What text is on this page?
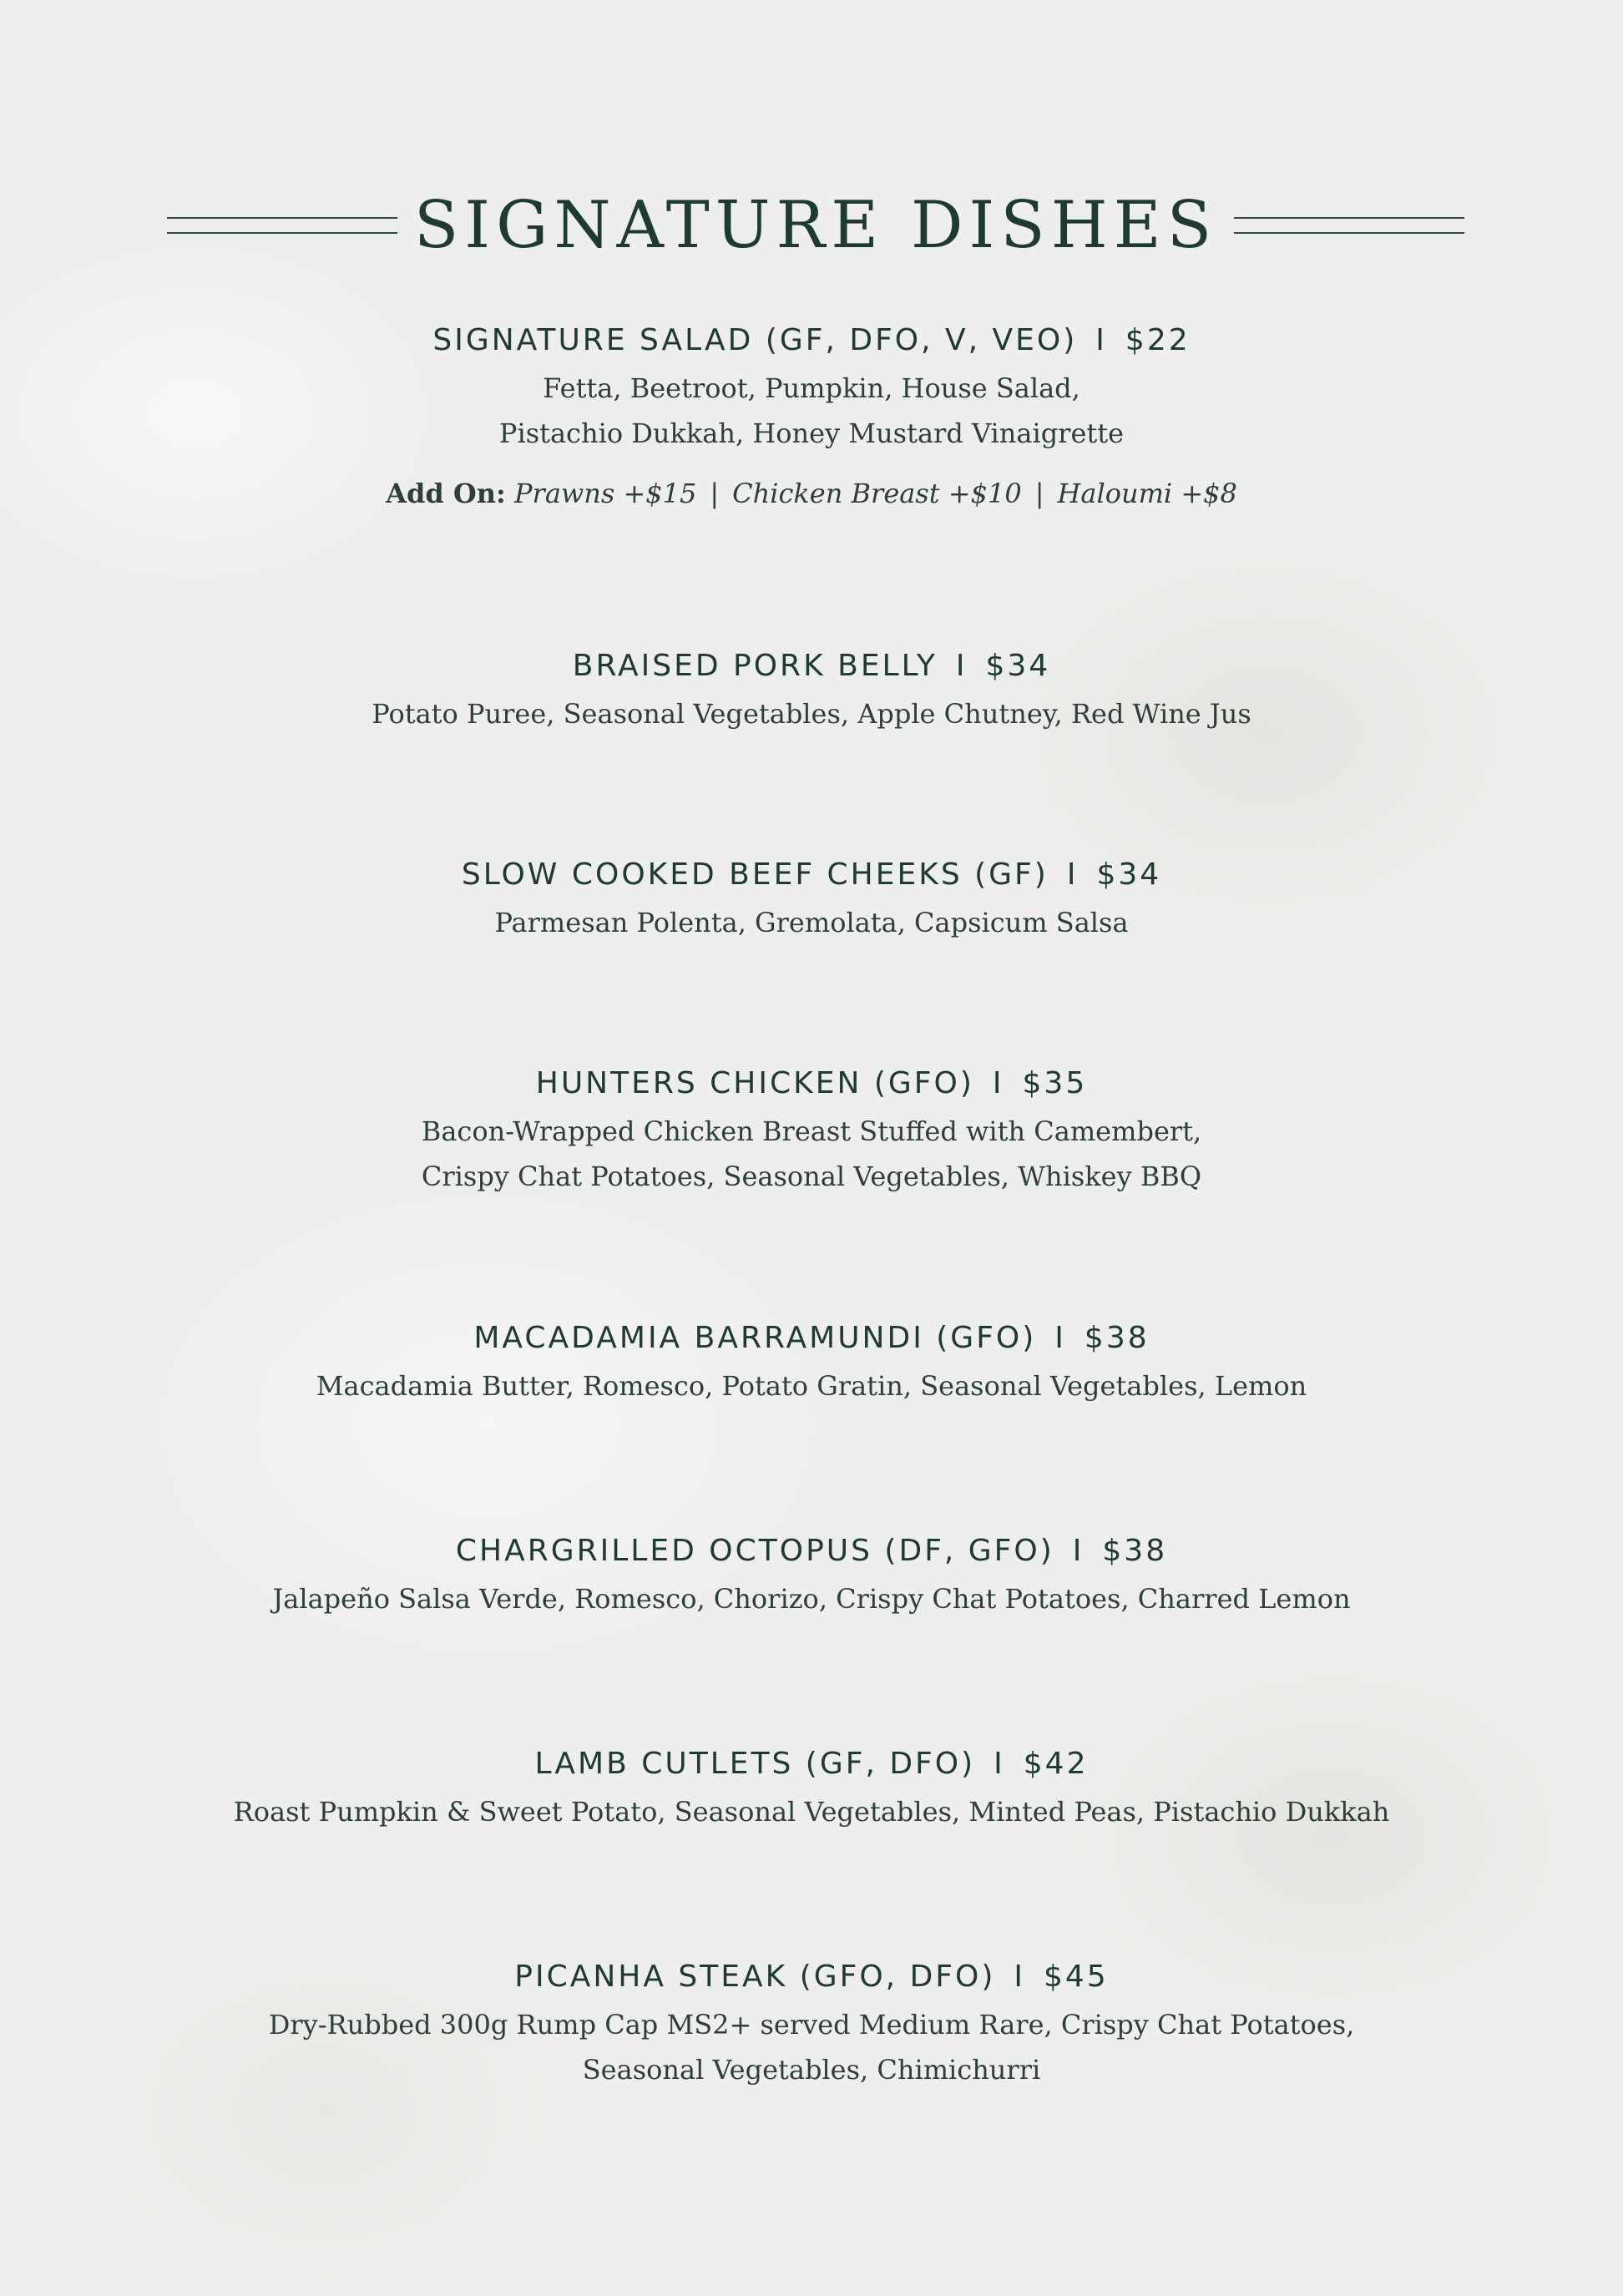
SIGNATURE DISHES
SIGNATURE SALAD (GF, DFO, V, VEO) I $22

Fetta, Beetroot, Pumpkin, House Salad,

Pistachio Dukkah, Honey Mustard Vinaigrette

Add On: Prawns +$15 | Chicken Breast +$10 | Haloumi +$8

BRAISED PORK BELLY I $34

Potato Puree, Seasonal Vegetables, Apple Chutney, Red Wine Jus

SLOW COOKED BEEF CHEEKS (GF) I $34

Parmesan Polenta, Gremolata, Capsicum Salsa

HUNTERS CHICKEN (GFO) I $35

Bacon-Wrapped Chicken Breast Stuffed with Camembert,

Crispy Chat Potatoes, Seasonal Vegetables, Whiskey BBQ

MACADAMIA BARRAMUNDI (GFO) I $38

Macadamia Butter, Romesco, Potato Gratin, Seasonal Vegetables, Lemon

CHARGRILLED OCTOPUS (DF, GFO) I $38

Jalapeño Salsa Verde, Romesco, Chorizo, Crispy Chat Potatoes, Charred Lemon

LAMB CUTLETS (GF, DFO) I $42

Roast Pumpkin & Sweet Potato, Seasonal Vegetables, Minted Peas, Pistachio Dukkah

PICANHA STEAK (GFO, DFO) I $45

Dry-Rubbed 300g Rump Cap MS2+ served Medium Rare, Crispy Chat Potatoes,

Seasonal Vegetables, Chimichurri
